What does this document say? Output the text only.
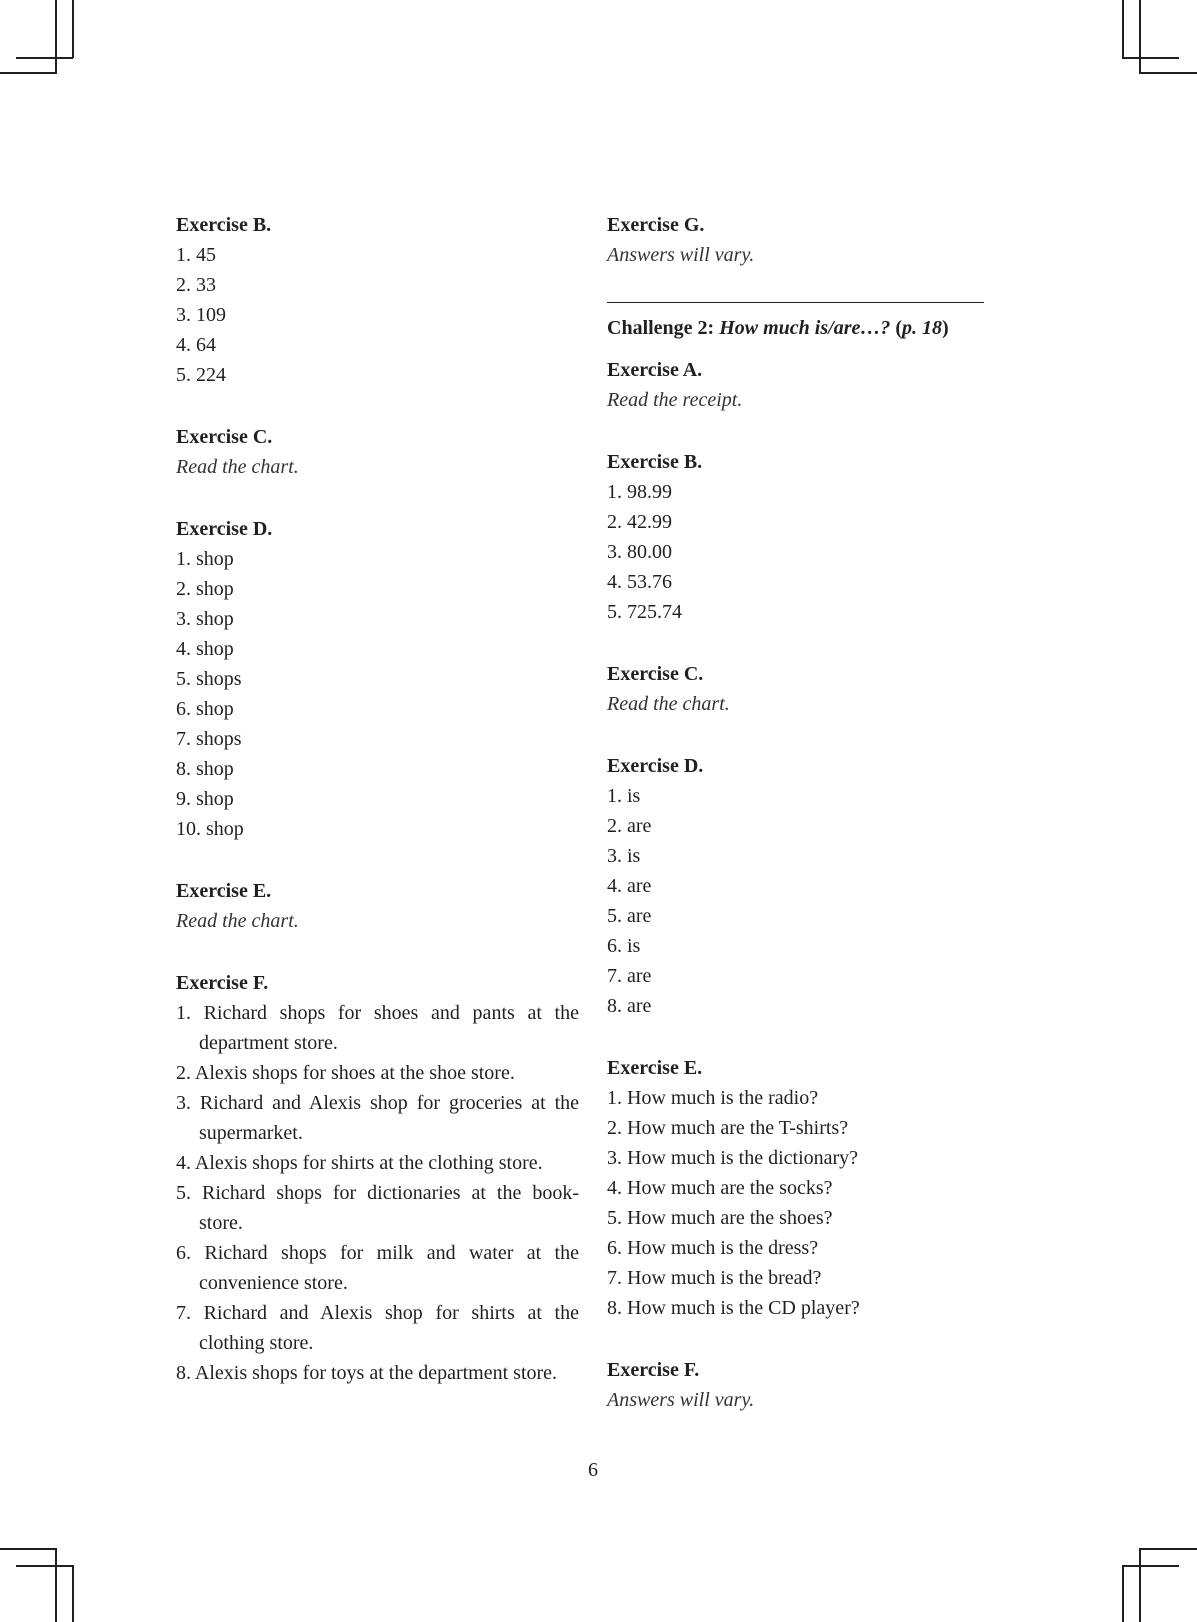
Exercise B.
1. 45
2. 33
3. 109
4. 64
5. 224
Exercise C.
Read the chart.
Exercise D.
1. shop
2. shop
3. shop
4. shop
5. shops
6. shop
7. shops
8. shop
9. shop
10. shop
Exercise E.
Read the chart.
Exercise F.
1. Richard shops for shoes and pants at the department store.
2. Alexis shops for shoes at the shoe store.
3. Richard and Alexis shop for groceries at the supermarket.
4. Alexis shops for shirts at the clothing store.
5. Richard shops for dictionaries at the book-store.
6. Richard shops for milk and water at the convenience store.
7. Richard and Alexis shop for shirts at the clothing store.
8. Alexis shops for toys at the department store.
Exercise G.
Answers will vary.
Challenge 2: How much is/are…? (p. 18)
Exercise A.
Read the receipt.
Exercise B.
1. 98.99
2. 42.99
3. 80.00
4. 53.76
5. 725.74
Exercise C.
Read the chart.
Exercise D.
1. is
2. are
3. is
4. are
5. are
6. is
7. are
8. are
Exercise E.
1. How much is the radio?
2. How much are the T-shirts?
3. How much is the dictionary?
4. How much are the socks?
5. How much are the shoes?
6. How much is the dress?
7. How much is the bread?
8. How much is the CD player?
Exercise F.
Answers will vary.
6
